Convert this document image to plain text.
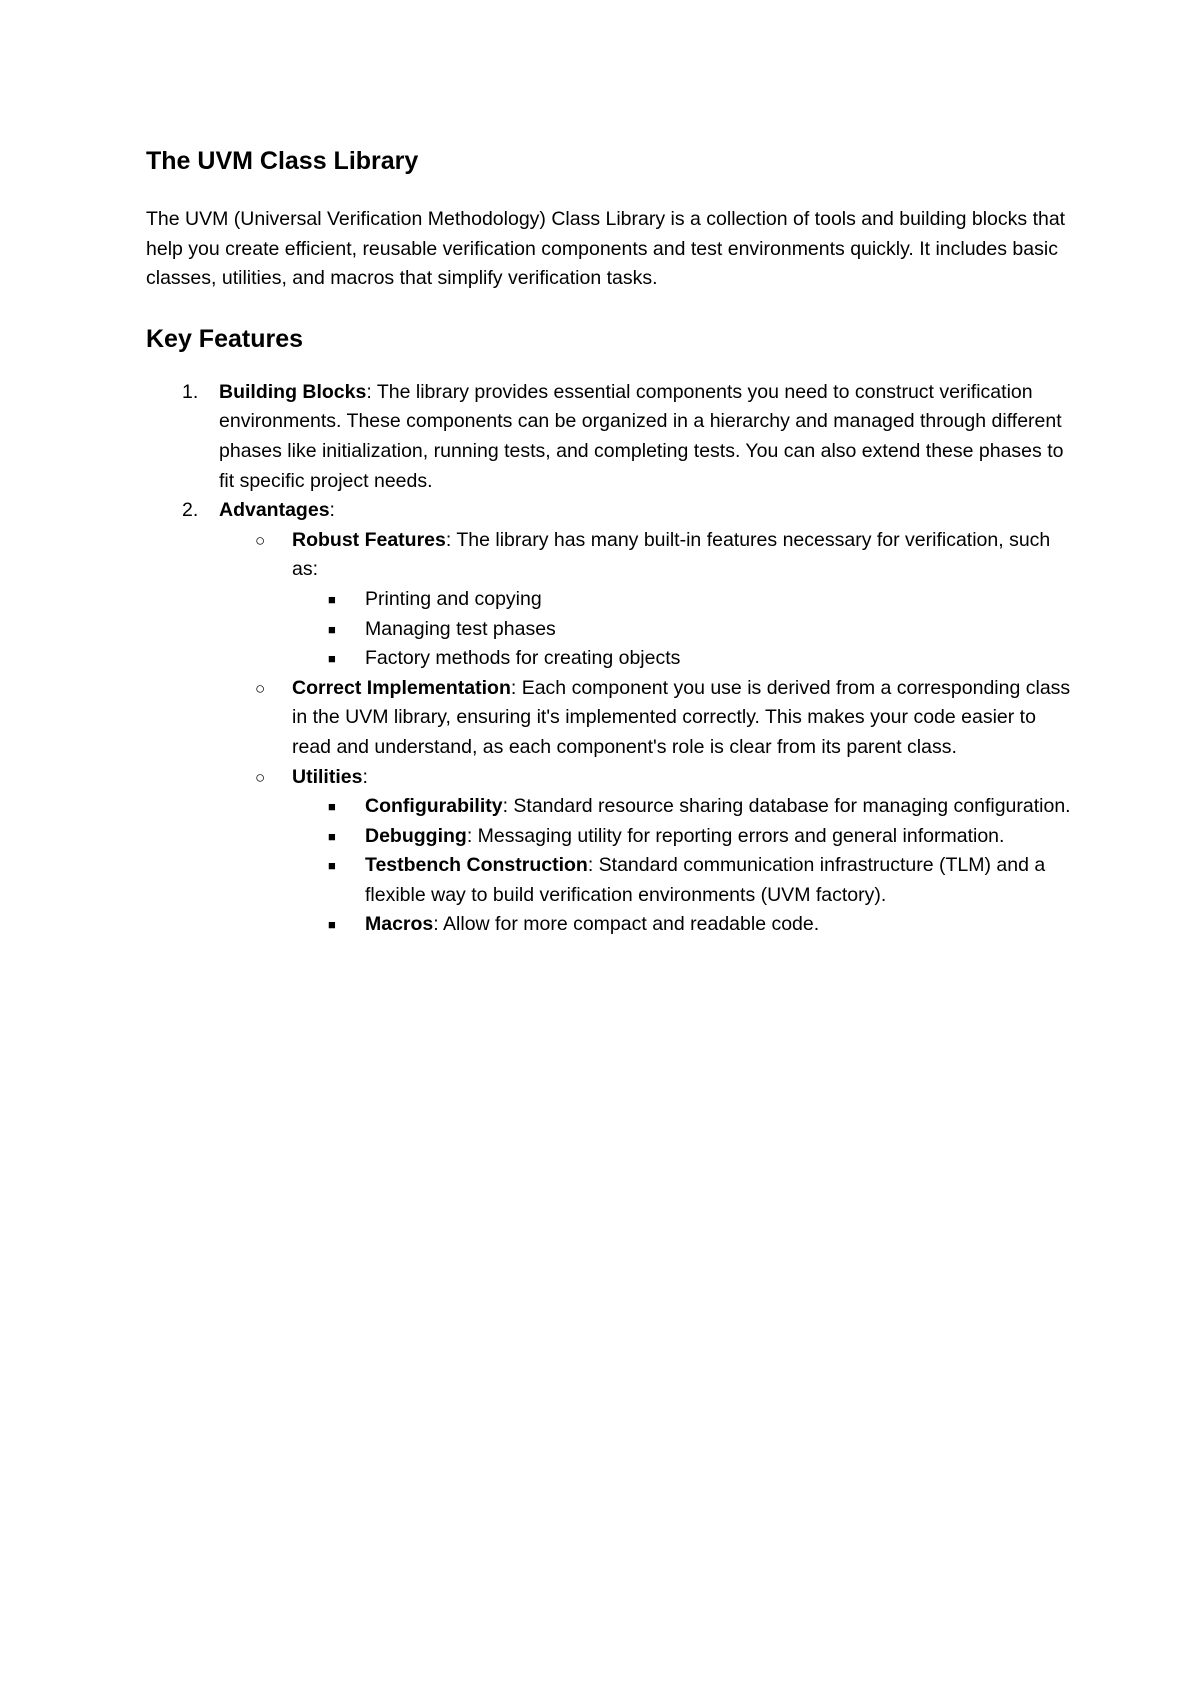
The UVM Class Library

The UVM (Universal Verification Methodology) Class Library is a collection of tools and building blocks that help you create efficient, reusable verification components and test environments quickly. It includes basic classes, utilities, and macros that simplify verification tasks.

Key Features
1. Building Blocks: The library provides essential components you need to construct verification environments. These components can be organized in a hierarchy and managed through different phases like initialization, running tests, and completing tests. You can also extend these phases to fit specific project needs.
2. Advantages:
○ Robust Features: The library has many built-in features necessary for verification, such as:
■ Printing and copying
■ Managing test phases
■ Factory methods for creating objects
○ Correct Implementation: Each component you use is derived from a corresponding class in the UVM library, ensuring it's implemented correctly. This makes your code easier to read and understand, as each component's role is clear from its parent class.
○ Utilities:
■ Configurability: Standard resource sharing database for managing configuration.
■ Debugging: Messaging utility for reporting errors and general information.
■ Testbench Construction: Standard communication infrastructure (TLM) and a flexible way to build verification environments (UVM factory).
■ Macros: Allow for more compact and readable code.
